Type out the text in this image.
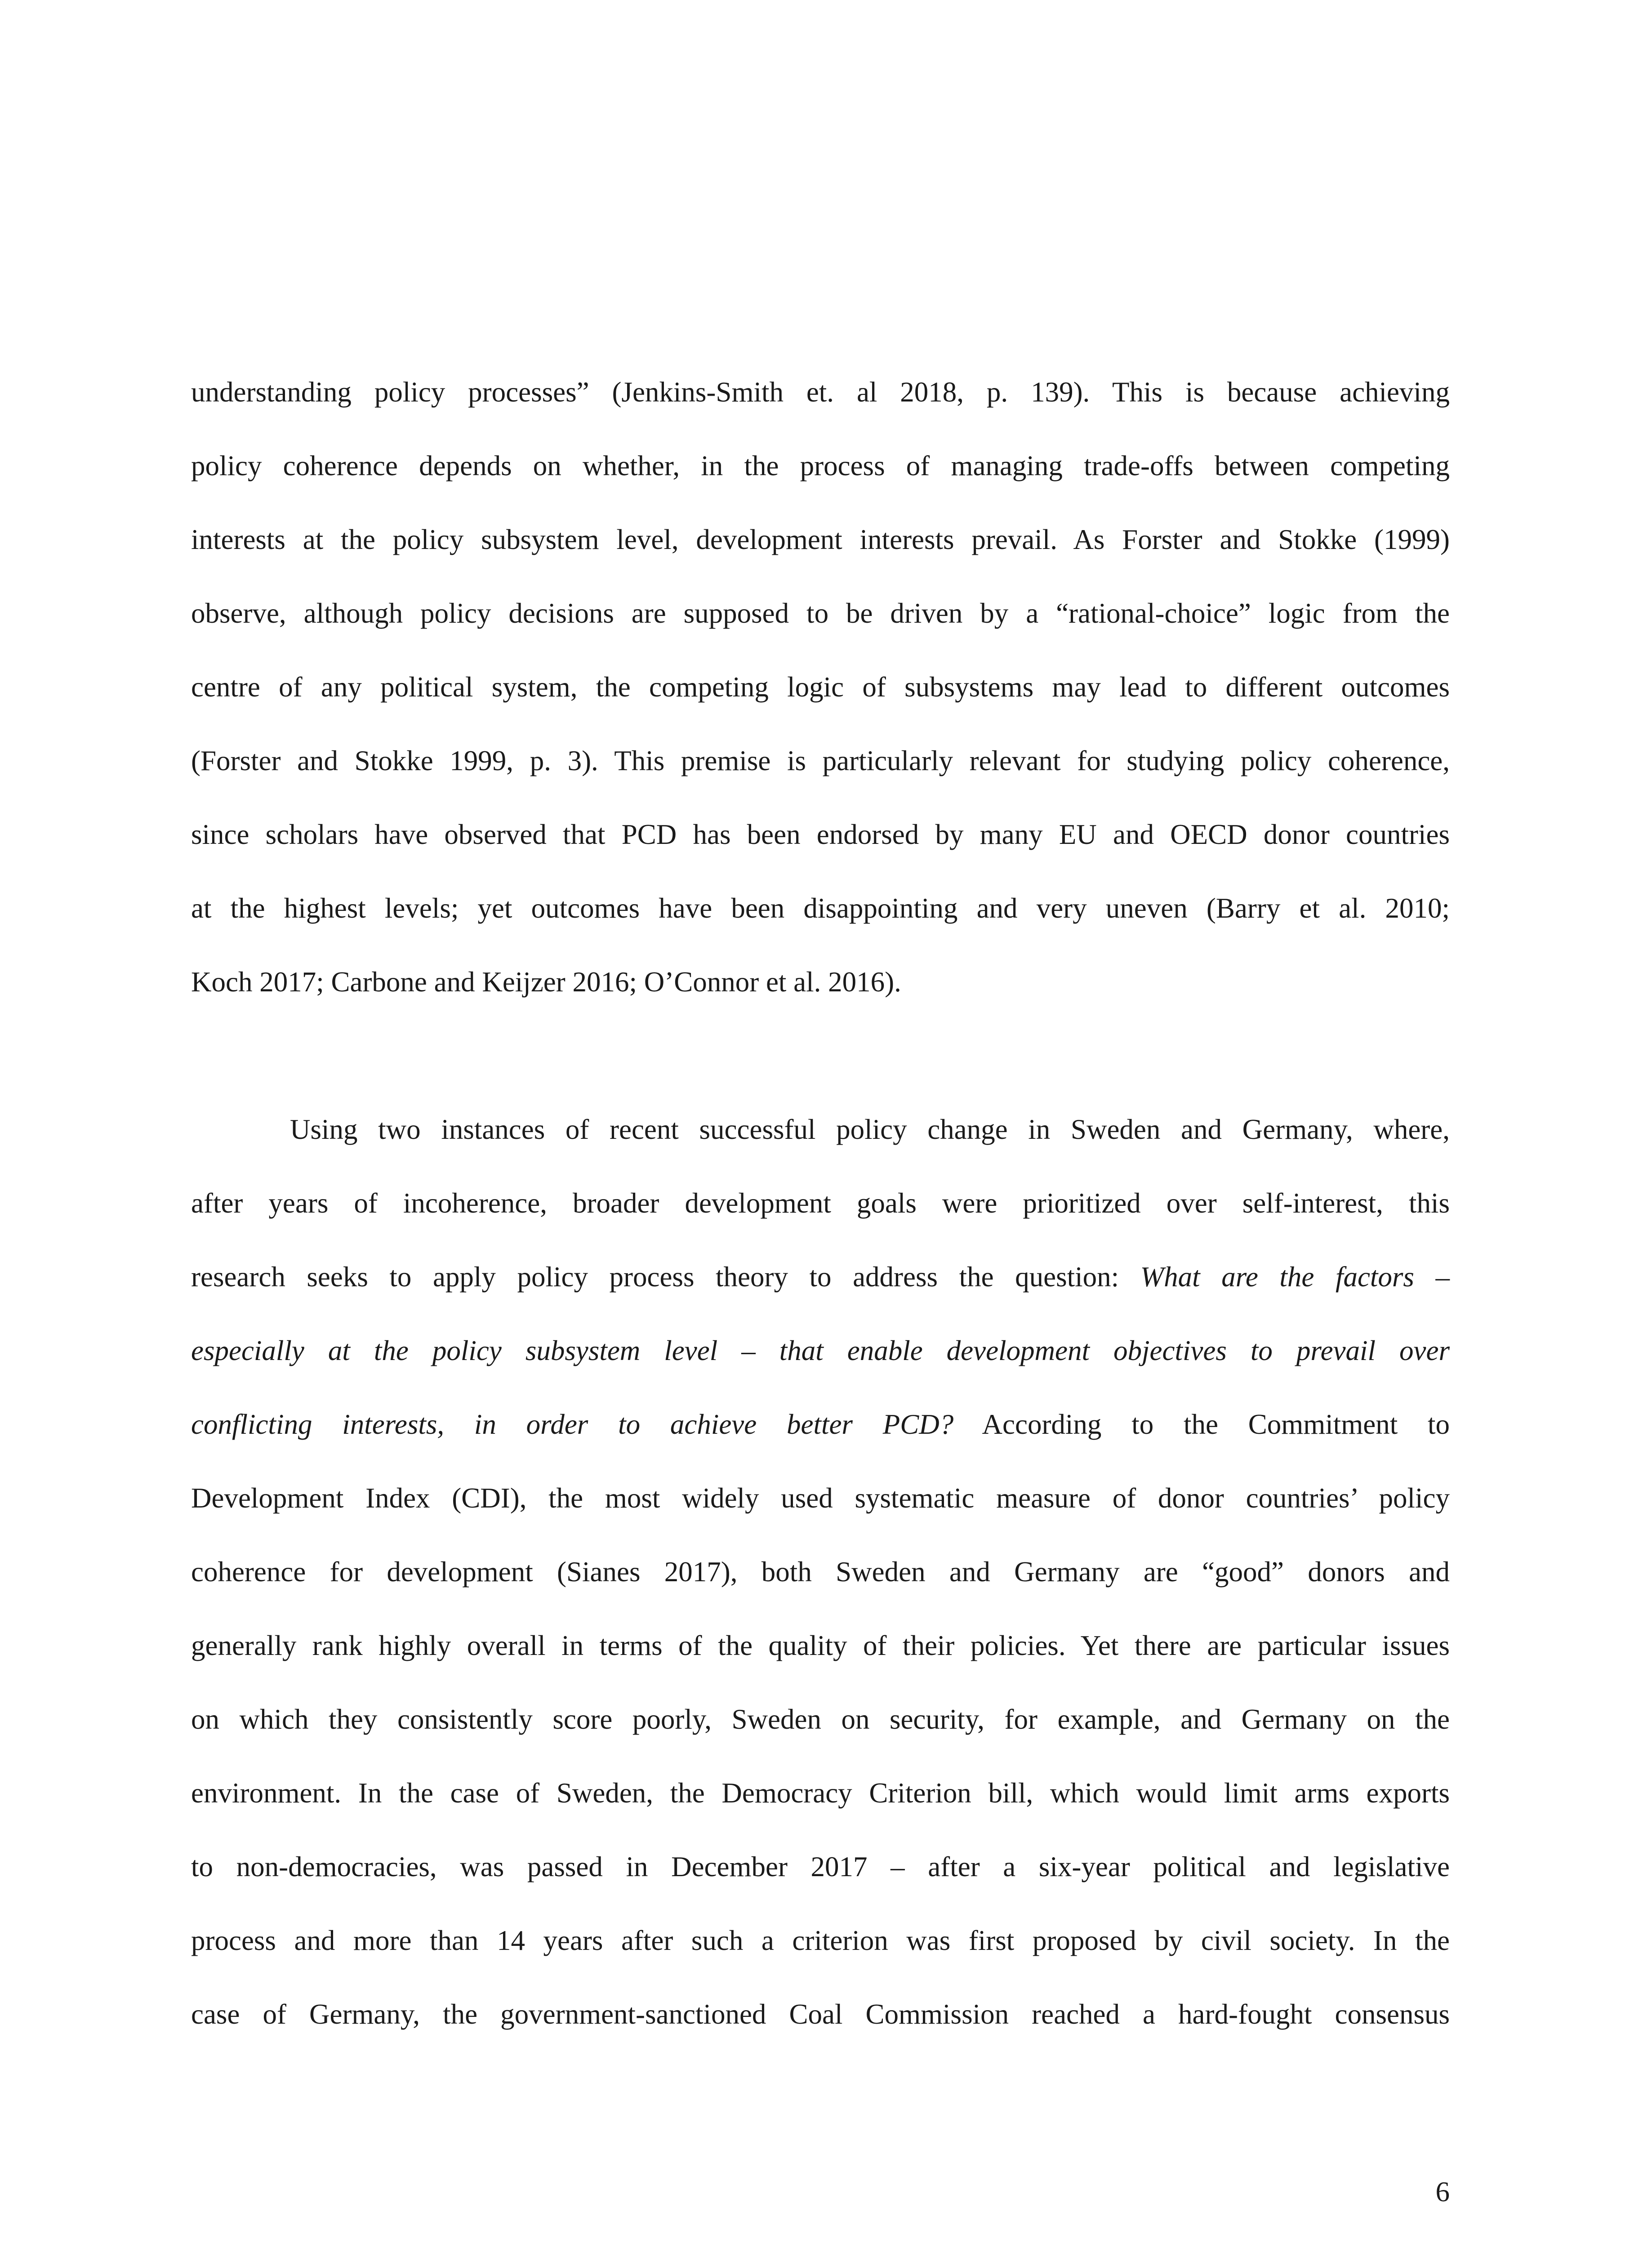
understanding policy processes” (Jenkins-Smith et. al 2018, p. 139). This is because achieving
policy coherence depends on whether, in the process of managing trade-offs between competing
interests at the policy subsystem level, development interests prevail. As Forster and Stokke (1999)
observe, although policy decisions are supposed to be driven by a “rational-choice” logic from the
centre of any political system, the competing logic of subsystems may lead to different outcomes
(Forster and Stokke 1999, p. 3). This premise is particularly relevant for studying policy coherence,
since scholars have observed that PCD has been endorsed by many EU and OECD donor countries
at the highest levels; yet outcomes have been disappointing and very uneven (Barry et al. 2010;
Koch 2017; Carbone and Keijzer 2016; O’Connor et al. 2016).
Using two instances of recent successful policy change in Sweden and Germany, where,
after years of incoherence, broader development goals were prioritized over self-interest, this
research seeks to apply policy process theory to address the question: What are the factors –
especially at the policy subsystem level – that enable development objectives to prevail over
conflicting interests, in order to achieve better PCD? According to the Commitment to
Development Index (CDI), the most widely used systematic measure of donor countries’ policy
coherence for development (Sianes 2017), both Sweden and Germany are “good” donors and
generally rank highly overall in terms of the quality of their policies. Yet there are particular issues
on which they consistently score poorly, Sweden on security, for example, and Germany on the
environment. In the case of Sweden, the Democracy Criterion bill, which would limit arms exports
to non-democracies, was passed in December 2017 – after a six-year political and legislative
process and more than 14 years after such a criterion was first proposed by civil society. In the
case of Germany, the government-sanctioned Coal Commission reached a hard-fought consensus
6
